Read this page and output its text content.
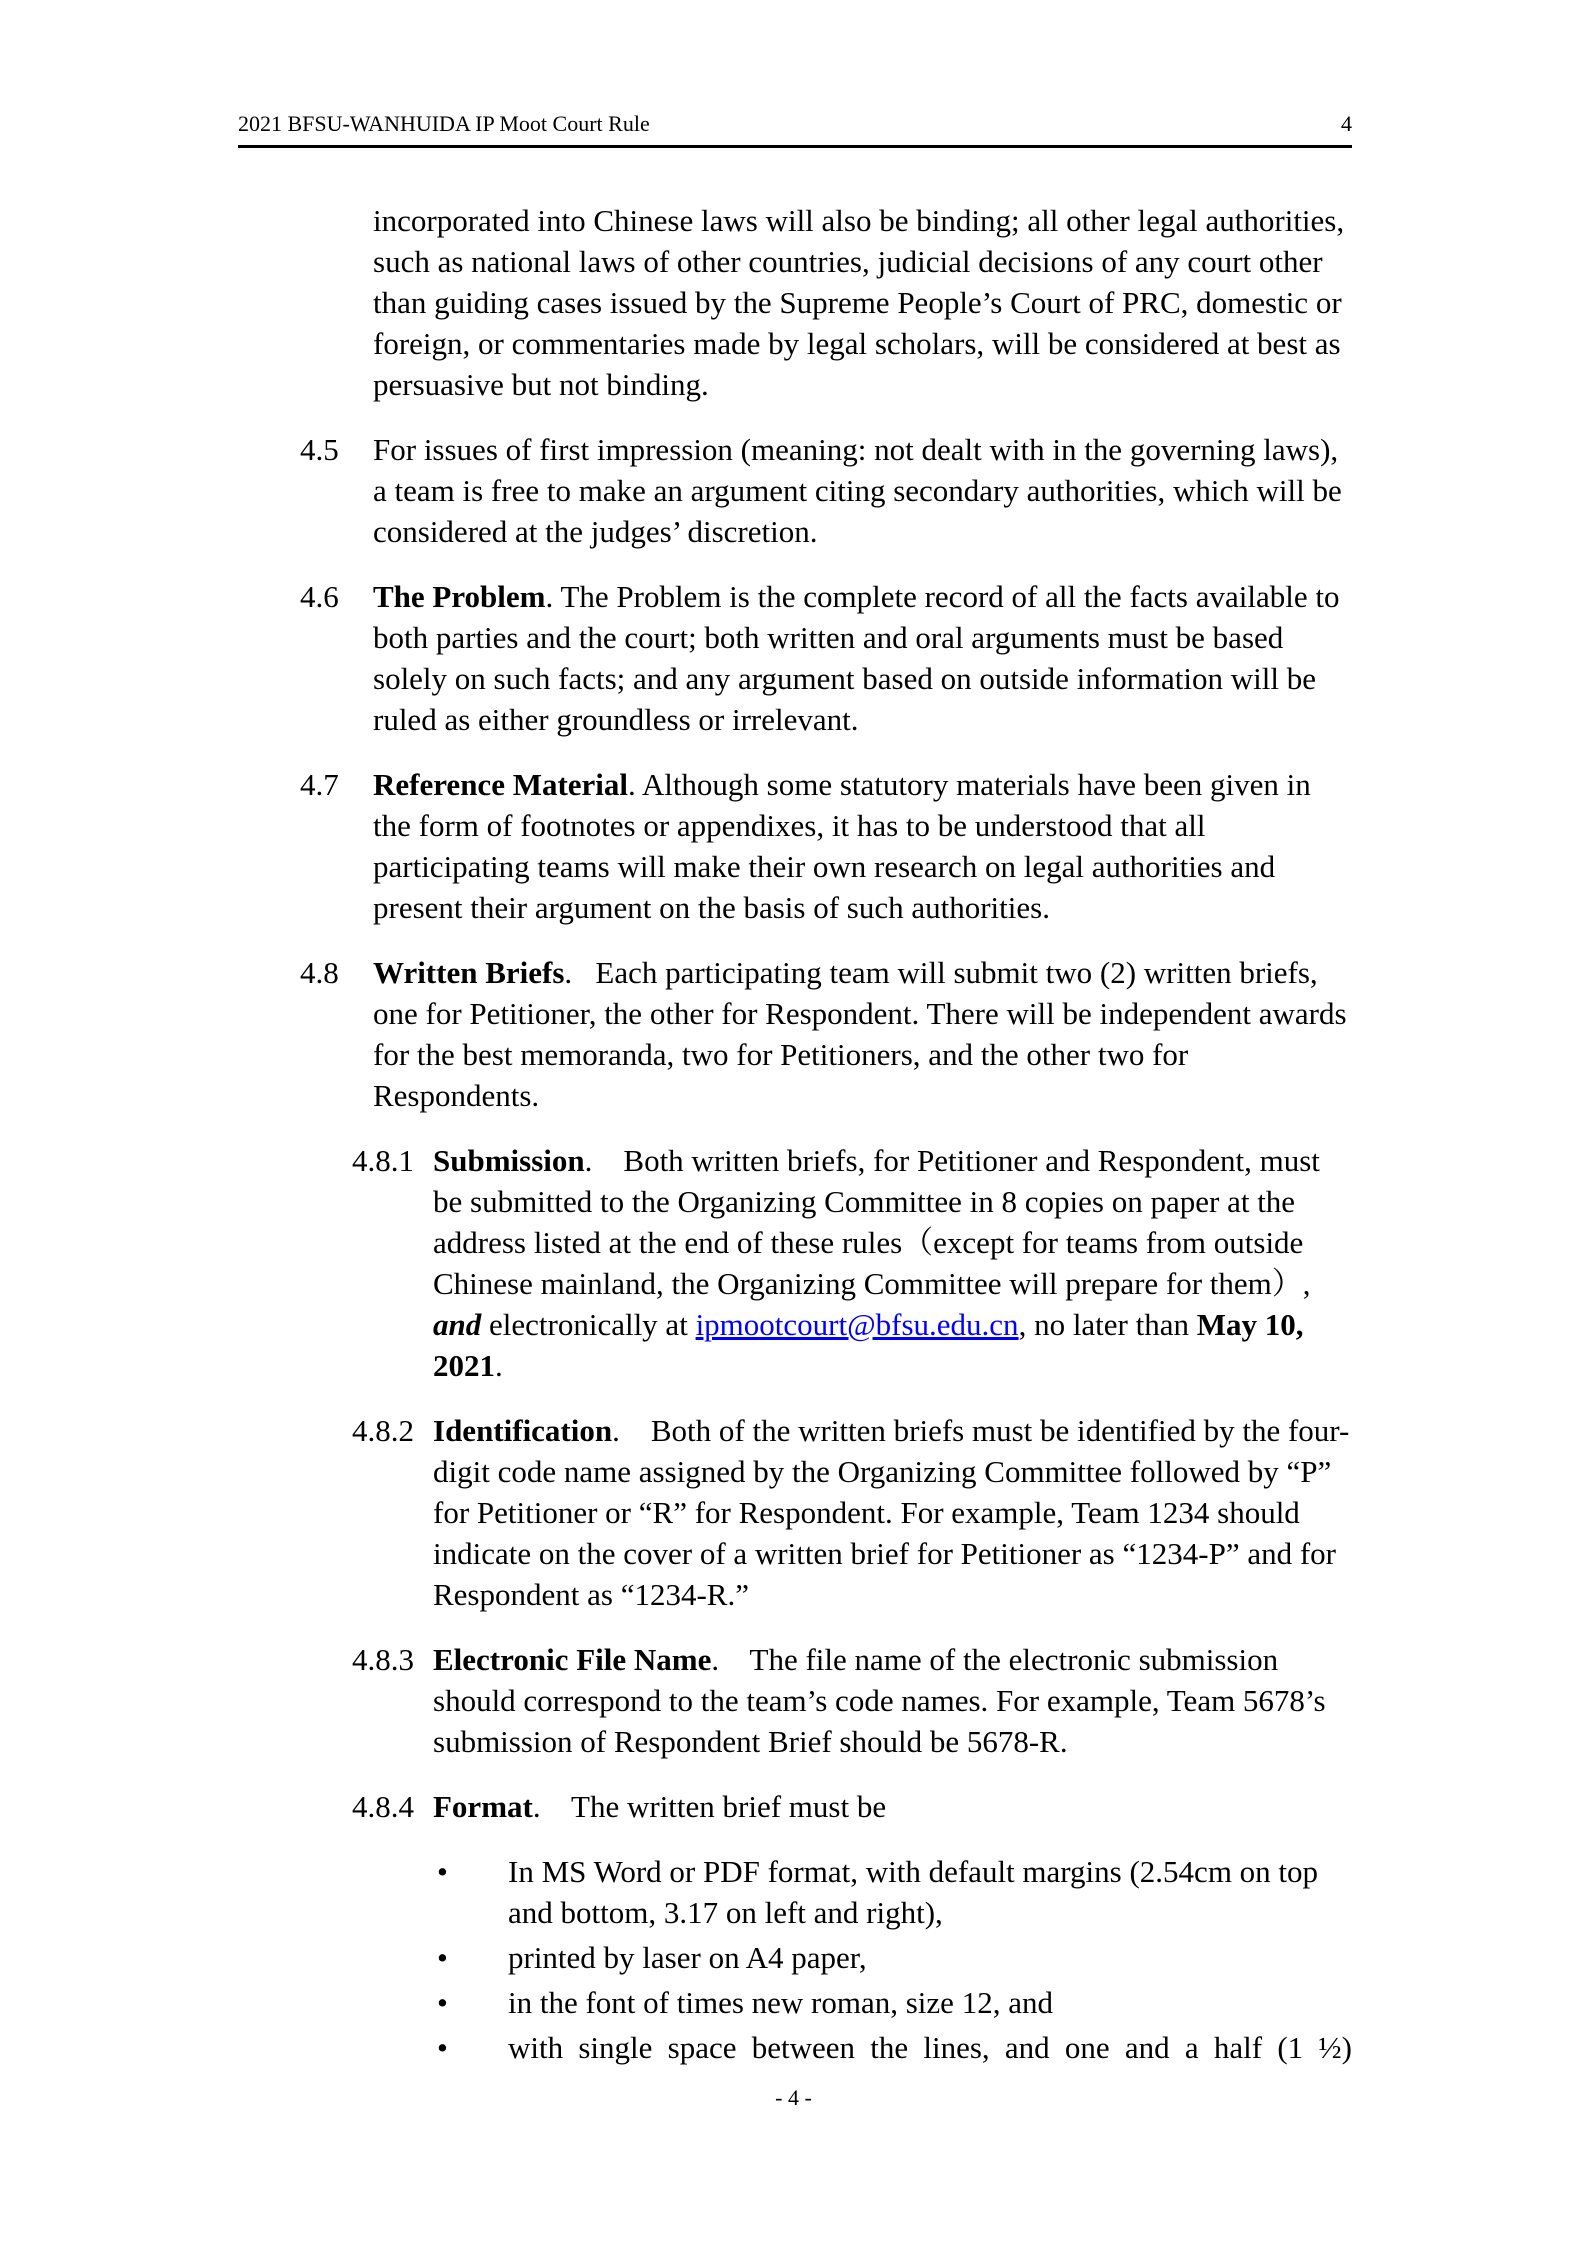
2021 BFSU-WANHUIDA IP Moot Court Rule	4
incorporated into Chinese laws will also be binding; all other legal authorities, such as national laws of other countries, judicial decisions of any court other than guiding cases issued by the Supreme People’s Court of PRC, domestic or foreign, or commentaries made by legal scholars, will be considered at best as persuasive but not binding.
4.5 For issues of first impression (meaning: not dealt with in the governing laws), a team is free to make an argument citing secondary authorities, which will be considered at the judges’ discretion.
4.6 The Problem. The Problem is the complete record of all the facts available to both parties and the court; both written and oral arguments must be based solely on such facts; and any argument based on outside information will be ruled as either groundless or irrelevant.
4.7 Reference Material. Although some statutory materials have been given in the form of footnotes or appendixes, it has to be understood that all participating teams will make their own research on legal authorities and present their argument on the basis of such authorities.
4.8 Written Briefs.   Each participating team will submit two (2) written briefs, one for Petitioner, the other for Respondent. There will be independent awards for the best memoranda, two for Petitioners, and the other two for Respondents.
4.8.1 Submission.    Both written briefs, for Petitioner and Respondent, must be submitted to the Organizing Committee in 8 copies on paper at the address listed at the end of these rules（except for teams from outside Chinese mainland, the Organizing Committee will prepare for them）, and electronically at ipmootcourt@bfsu.edu.cn, no later than May 10, 2021.
4.8.2 Identification.    Both of the written briefs must be identified by the four-digit code name assigned by the Organizing Committee followed by “P” for Petitioner or “R” for Respondent. For example, Team 1234 should indicate on the cover of a written brief for Petitioner as “1234-P” and for Respondent as “1234-R.”
4.8.3 Electronic File Name.    The file name of the electronic submission should correspond to the team’s code names. For example, Team 5678’s submission of Respondent Brief should be 5678-R.
4.8.4 Format.    The written brief must be
• In MS Word or PDF format, with default margins (2.54cm on top and bottom, 3.17 on left and right),
• printed by laser on A4 paper,
• in the font of times new roman, size 12, and
• with single space between the lines, and one and a half (1 ½)
- 4 -
